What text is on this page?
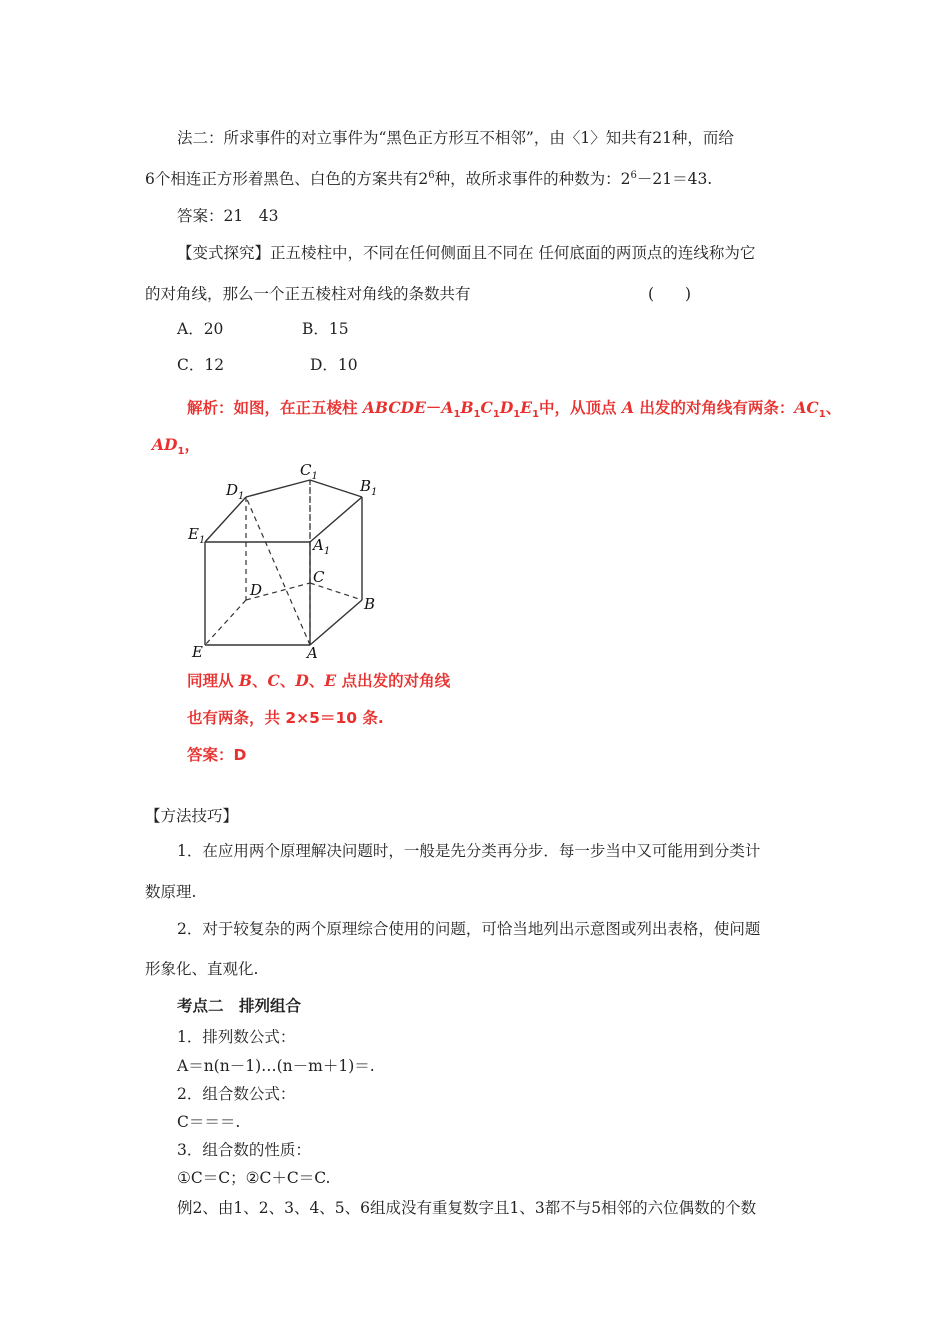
法二：所求事件的对立事件为“黑色正方形互不相邻”，由〈1〉知共有21种，而给
6个相连正方形着黑色、白色的方案共有$2^6$种，故所求事件的种数为：$2^6-21=43$.
答案：21　43
【变式探究】正五棱柱中，不同在任何侧面且不同在 任何底面的两顶点的连线称为它
的对角线，那么一个正五棱柱对角线的条数共有	(　　)
A．20	B．15
C．12	D．10
解析：如图，在正五棱柱 $ABCDE-A_1B_1C_1D_1E_1$中，从顶点 A 出发的对角线有两条：$AC_1$、
$AD_1$，
$C_1$
$D_1$
$B_1$
$E_1$	$A_1$
C
D
B
E	A
同理从 B、C、D、E 点出发的对角线
也有两条，共 2×5＝10 条.
答案：D
【方法技巧】
1．在应用两个原理解决问题时，一般是先分类再分步．每一步当中又可能用到分类计
数原理.
2．对于较复杂的两个原理综合使用的问题，可恰当地列出示意图或列出表格，使问题
形象化、直观化.
考点二　排列组合
1．排列数公式：
A＝n(n－1)…(n－m＋1)＝.
2．组合数公式：
C＝＝＝.
3．组合数的性质：
①C＝C；②C＋C＝C.
例2、由1、2、3、4、5、6组成没有重复数字且1、3都不与5相邻的六位偶数的个数
